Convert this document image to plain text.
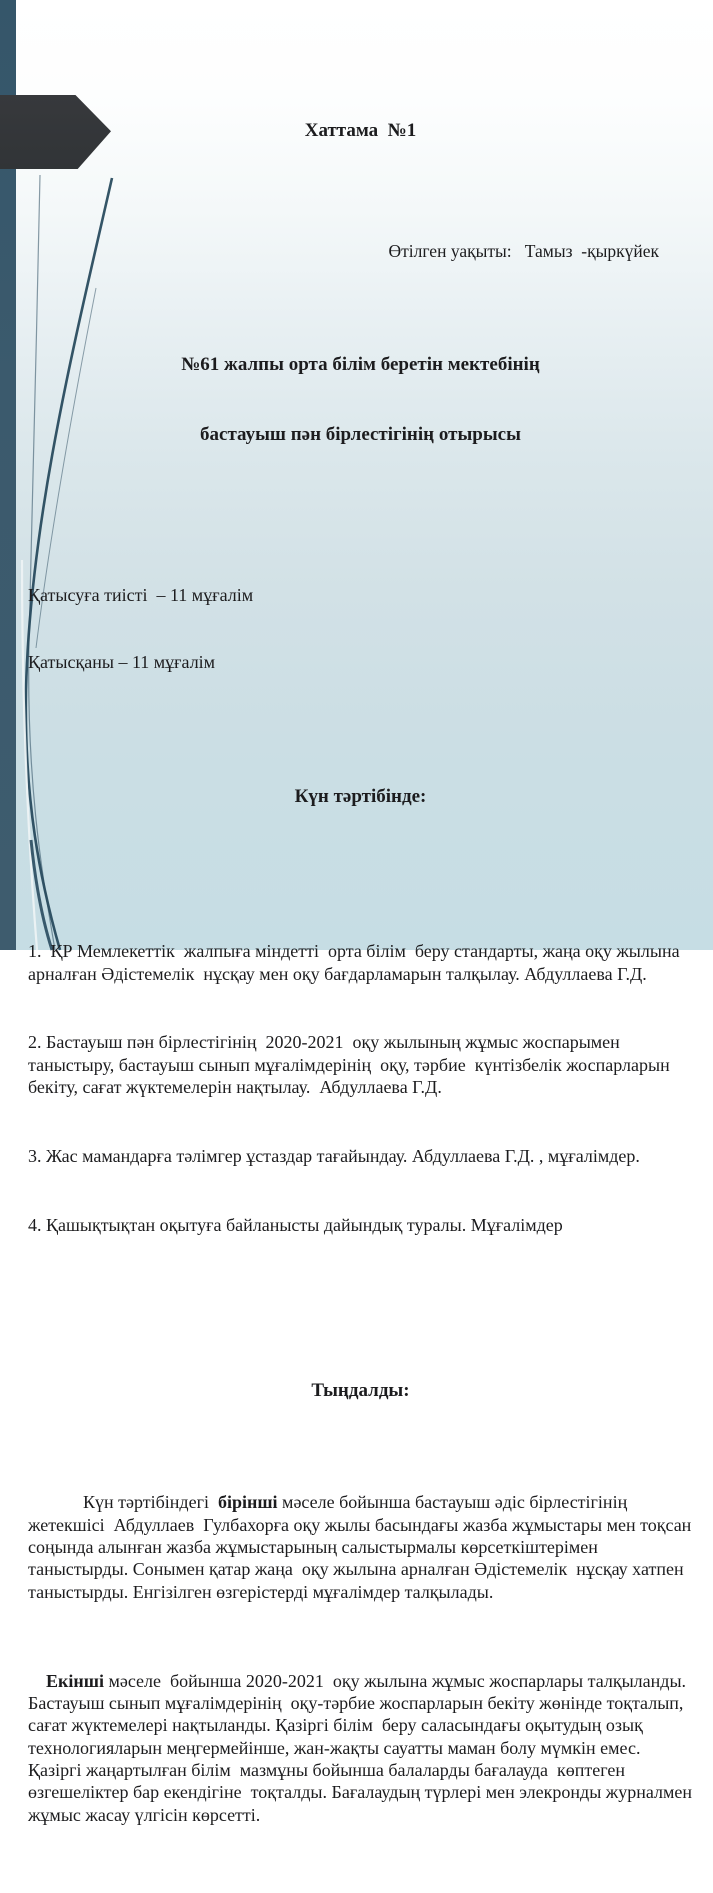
Хаттама  №1

Өтілген уақыты:   Тамыз  -қыркүйек

№61 жалпы орта білім беретін мектебінің

бастауыш пән бірлестігінің отырысы

Қатысуға тиісті  – 11 мұғалім

Қатысқаны – 11 мұғалім

Күн тәртібінде:

1.  ҚР Мемлекеттік  жалпыға міндетті  орта білім  беру стандарты, жаңа оқу жылына арналған Әдістемелік  нұсқау мен оқу бағдарламарын талқылау. Абдуллаева Г.Д.

2. Бастауыш пән бірлестігінің  2020-2021  оқу жылының жұмыс жоспарымен таныстыру, бастауыш сынып мұғалімдерінің  оқу, тәрбие  күнтізбелік жоспарларын бекіту, сағат жүктемелерін нақтылау.  Абдуллаева Г.Д.

3. Жас мамандарға тәлімгер ұстаздар тағайындау. Абдуллаева Г.Д. , мұғалімдер.

4. Қашықтықтан оқытуға байланысты дайындық туралы. Мұғалімдер

Тыңдалды:

Күн тәртібіндегі  бірінші мәселе бойынша бастауыш әдіс бірлестігінің жетекшісі  Абдуллаев  Гулбахорға оқу жылы басындағы жазба жұмыстары мен тоқсан соңында алынған жазба жұмыстарының салыстырмалы көрсеткіштерімен таныстырды. Сонымен қатар жаңа  оқу жылына арналған Әдістемелік  нұсқау хатпен таныстырды. Енгізілген өзгерістерді мұғалімдер талқылады.

Екінші мәселе  бойынша 2020-2021  оқу жылына жұмыс жоспарлары талқыланды. Бастауыш сынып мұғалімдерінің  оқу-тәрбие жоспарларын бекіту жөнінде тоқталып, сағат жүктемелері нақтыланды. Қазіргі білім  беру саласындағы оқытудың озық технологияларын меңгермейінше, жан-жақты сауатты маман болу мүмкін емес. Қазіргі жаңартылған білім  мазмұны бойынша балаларды бағалауда  көптеген өзгешеліктер бар екендігіне  тоқталды. Бағалаудың түрлері мен элекронды журналмен жұмыс жасау үлгісін көрсетті.
